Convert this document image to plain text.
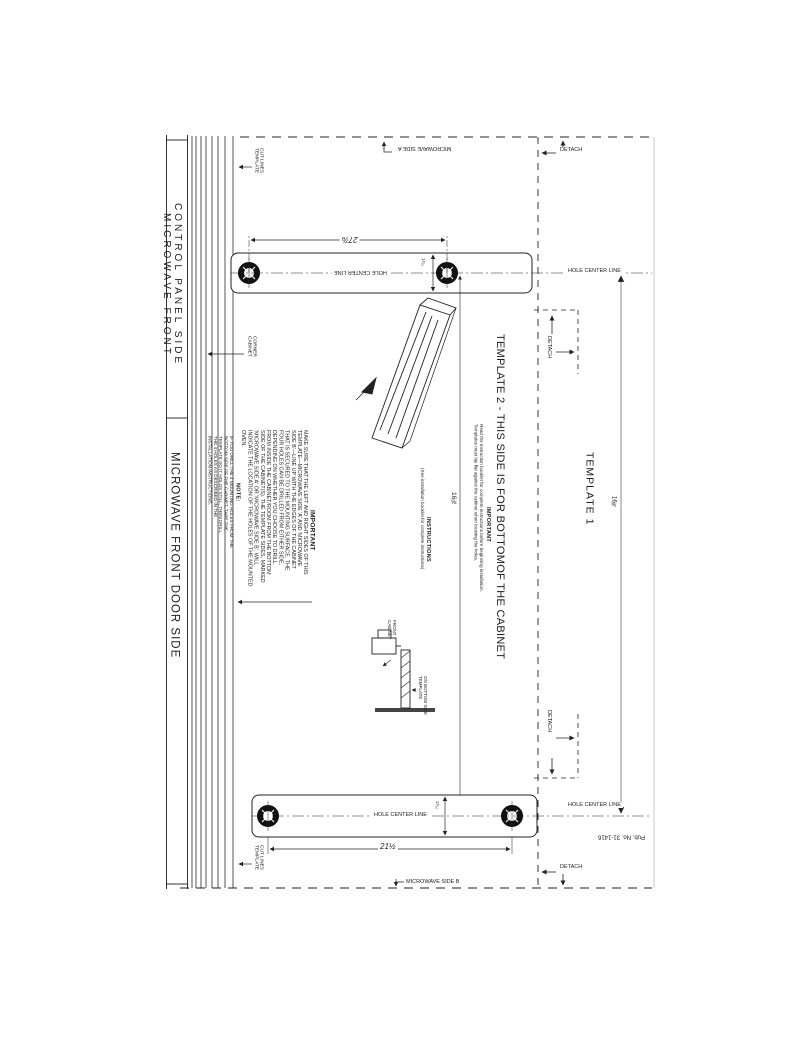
MICROWAVE FRONT CONTROL PANEL SIDE
MICROWAVE FRONT DOOR SIDE
MICROWAVE SIDE A
MICROWAVE SIDE B
TEMPLATE CUT LINES
TEMPLATE CUT LINES
CABINET CORNER
HOLE CENTER LINE
27⅞
1³⁄₁₆
16⅝	TEMPLATE 2 - THIS SIDE IS FOR BOTTOMOF THE CABINET
IMPORTANT
Read the instruction booklet for complete instructions before beginning installation.
Templates must lay flat against the cabinet when locating the holes.
INSTRUCTIONS
(See installation booklet for complete instructions)
IMPORTANT
MAKE SURE THAT THE LEFT AND RIGHT SIDES OF THIS
TEMPLATE—MICROWAVE SIDE 'A' AND 'MICROWAVE
SIDE B'—LINE UP WITH THE EDGES OF THE CABINET
THAT IS SECURED TO THE MOUNTING SURFACE. THE
FOUR HOLES CAN BE DRILLED FROM EITHER SIDE,
DEPENDING ON WHETHER YOU CHOOSE TO DRILL
FROM INSIDE THE CABINET/ROOM FROM THE BOTTOM
SIDE OF THE CABINET(S). THE TEMPLATE SIDES, MARKED
'MICROWAVE SIDE A' OR 'MICROWAVE SIDE B', WILL
INDICATE THE LOCATION OF THE HOLES OF THE MOUNTED
OVEN.
NOTE:
IF YOU DRILL THE 4 MOUNTING HOLES FROM THE
BOTTOM SIDE OF THE CABINET, TAPE THE
TEMPLATE SO IT HOLDS STILL, THEN DRILL
THE 4 HOLES AS DESCRIBED IN THE
INSTALLATION INSTRUCTIONS.
CABINET FRONT
TEMPLATE ON BOTTOM SIDE
HOLE CENTER LINE
21½
1³⁄₁₆
HOLE CENTER LINE
HOLE CENTER LINE
16⅝
TEMPLATE 1
DETACH
DETACH
DETACH
DETACH
Pub. No. 31-1416
